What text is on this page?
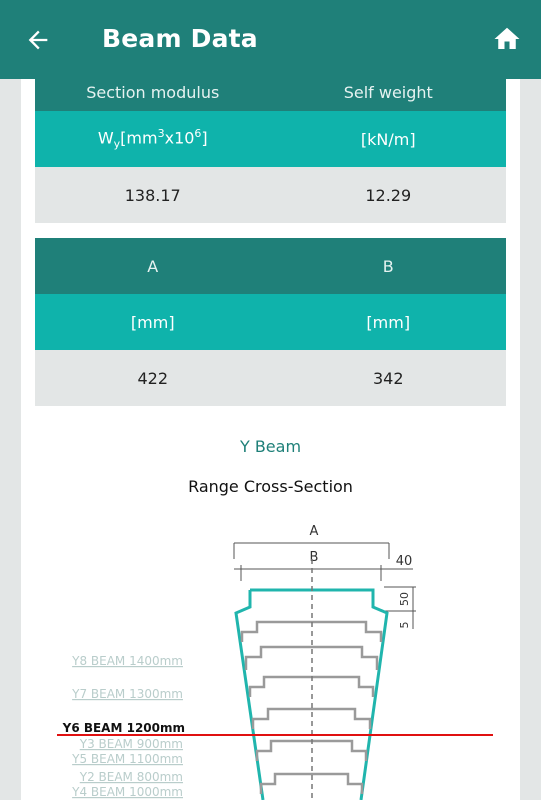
Beam Data
Section modulus	Self weight
$W_y[mm^3x10^6]$	[kN/m]
138.17	12.29
A	B
[mm]	[mm]
422	342
Y Beam
Range Cross-Section
A
B	40
50
5
Y8 BEAM 1400mm
Y7 BEAM 1300mm
Y6 BEAM 1200mm
Y5 BEAM 1100mm
Y4 BEAM 1000mm
Y3 BEAM 900mm
Y2 BEAM 800mm
